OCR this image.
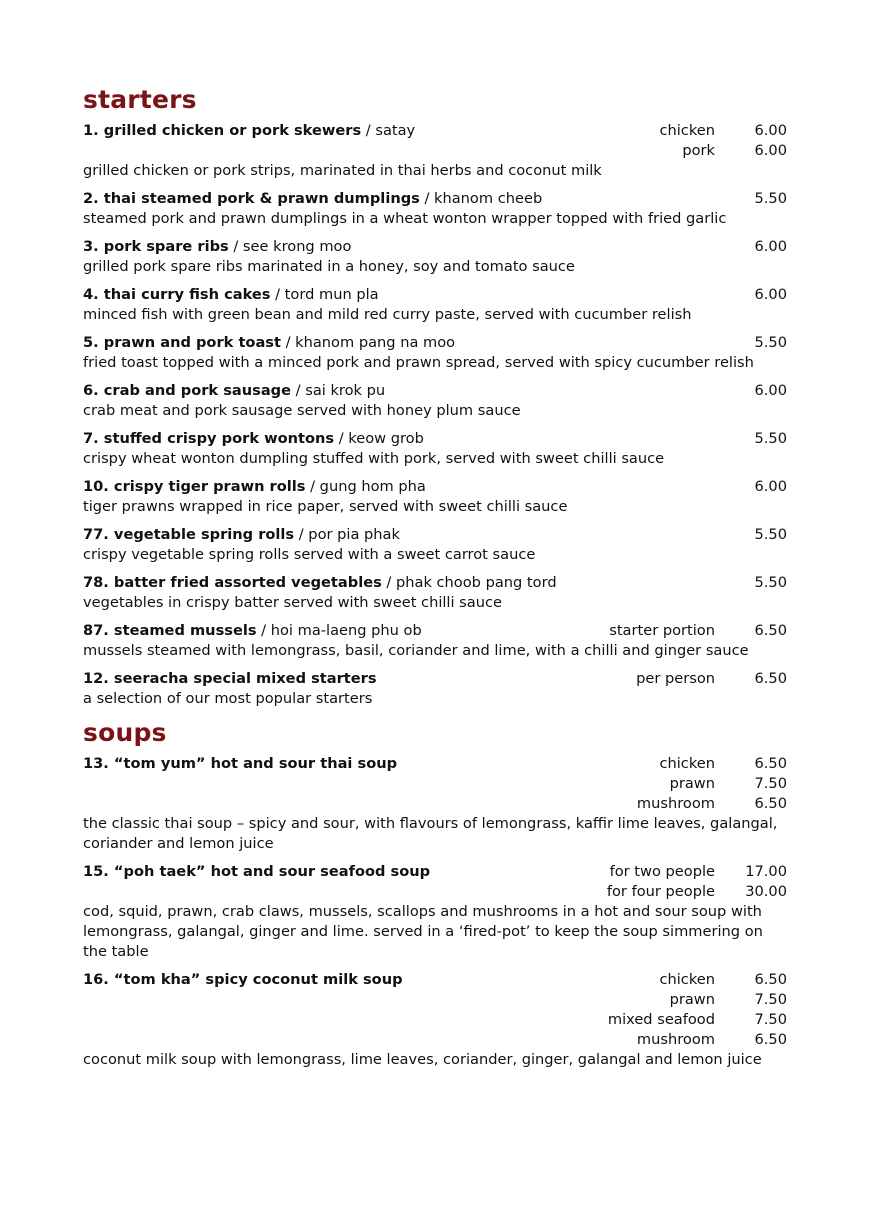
starters
1. grilled chicken or pork skewers / satay	chicken	6.00
pork	6.00
grilled chicken or pork strips, marinated in thai herbs and coconut milk
2. thai steamed pork & prawn dumplings / khanom cheeb	5.50
steamed pork and prawn dumplings in a wheat wonton wrapper topped with fried garlic
3. pork spare ribs / see krong moo	6.00
grilled pork spare ribs marinated in a honey, soy and tomato sauce
4. thai curry fish cakes / tord mun pla	6.00
minced fish with green bean and mild red curry paste, served with cucumber relish
5. prawn and pork toast / khanom pang na moo	5.50
fried toast topped with a minced pork and prawn spread, served with spicy cucumber relish
6. crab and pork sausage / sai krok pu	6.00
crab meat and pork sausage served with honey plum sauce
7. stuffed crispy pork wontons / keow grob	5.50
crispy wheat wonton dumpling stuffed with pork, served with sweet chilli sauce
10. crispy tiger prawn rolls / gung hom pha	6.00
tiger prawns wrapped in rice paper, served with sweet chilli sauce
77. vegetable spring rolls / por pia phak	5.50
crispy vegetable spring rolls served with a sweet carrot sauce
78. batter fried assorted vegetables / phak choob pang tord	5.50
vegetables in crispy batter served with sweet chilli sauce
87. steamed mussels / hoi ma-laeng phu ob	starter portion	6.50
mussels steamed with lemongrass, basil, coriander and lime, with a chilli and ginger sauce
12. seeracha special mixed starters	per person	6.50
a selection of our most popular starters
soups
13. “tom yum” hot and sour thai soup	chicken	6.50
prawn	7.50
mushroom	6.50
the classic thai soup – spicy and sour, with flavours of lemongrass, kaffir lime leaves, galangal, coriander and lemon juice
15. “poh taek” hot and sour seafood soup	for two people	17.00
for four people	30.00
cod, squid, prawn, crab claws, mussels, scallops and mushrooms in a hot and sour soup with lemongrass, galangal, ginger and lime. served in a ‘fired-pot’ to keep the soup simmering on the table
16. “tom kha” spicy coconut milk soup	chicken	6.50
prawn	7.50
mixed seafood	7.50
mushroom	6.50
coconut milk soup with lemongrass, lime leaves, coriander, ginger, galangal and lemon juice
